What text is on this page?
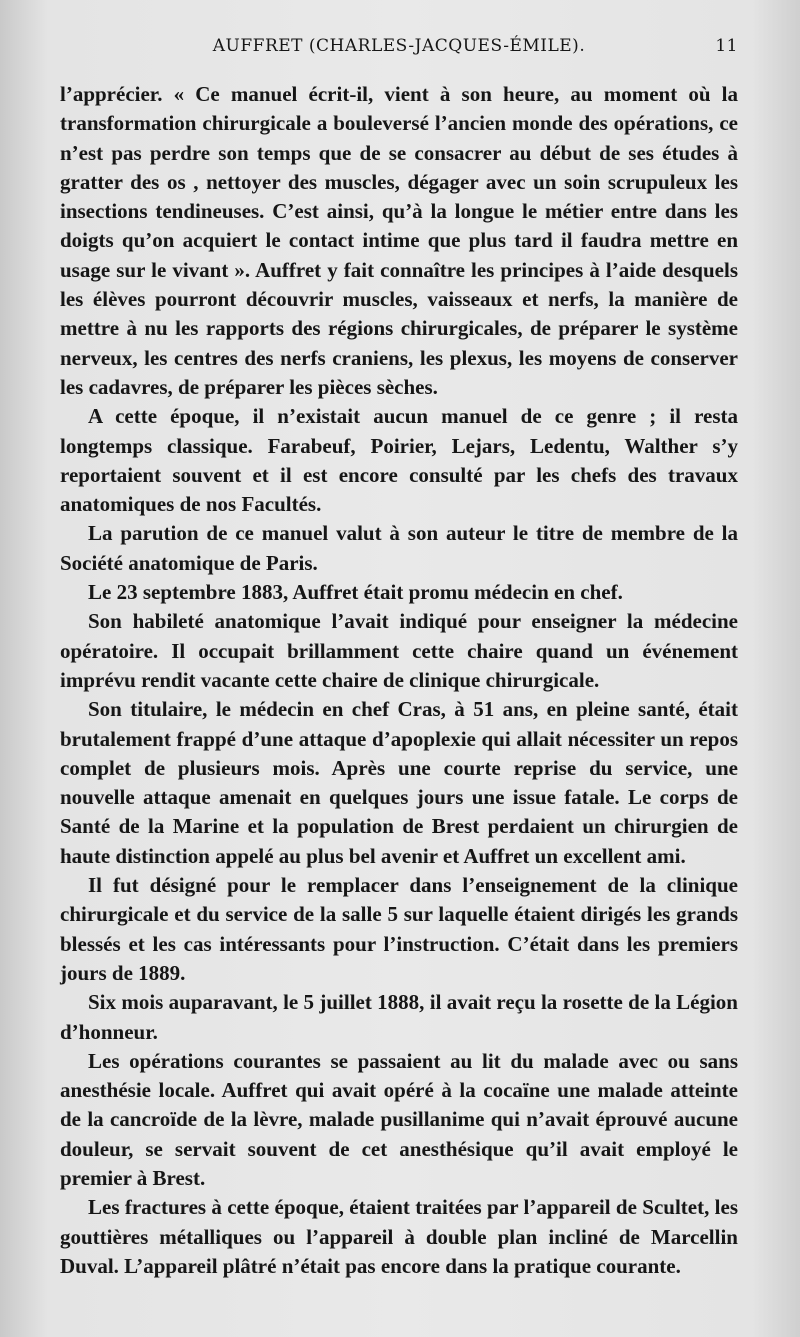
AUFFRET (CHARLES-JACQUES-ÉMILE).	11

l’apprécier. « Ce manuel écrit-il, vient à son heure, au moment où la transformation chirurgicale a bouleversé l’ancien monde des opérations, ce n’est pas perdre son temps que de se consacrer au début de ses études à gratter des os , nettoyer des muscles, dégager avec un soin scrupuleux les insections tendineuses. C’est ainsi, qu’à la longue le métier entre dans les doigts qu’on acquiert le contact intime que plus tard il faudra mettre en usage sur le vivant ». Auffret y fait connaître les principes à l’aide desquels les élèves pourront découvrir muscles, vaisseaux et nerfs, la manière de mettre à nu les rapports des régions chirurgicales, de préparer le système nerveux, les centres des nerfs craniens, les plexus, les moyens de conserver les cadavres, de préparer les pièces sèches.

A cette époque, il n’existait aucun manuel de ce genre ; il resta longtemps classique. Farabeuf, Poirier, Lejars, Ledentu, Walther s’y reportaient souvent et il est encore consulté par les chefs des travaux anatomiques de nos Facultés.

La parution de ce manuel valut à son auteur le titre de membre de la Société anatomique de Paris.

Le 23 septembre 1883, Auffret était promu médecin en chef.

Son habileté anatomique l’avait indiqué pour enseigner la médecine opératoire. Il occupait brillamment cette chaire quand un événement imprévu rendit vacante cette chaire de clinique chirurgicale.

Son titulaire, le médecin en chef Cras, à 51 ans, en pleine santé, était brutalement frappé d’une attaque d’apoplexie qui allait nécessiter un repos complet de plusieurs mois. Après une courte reprise du service, une nouvelle attaque amenait en quelques jours une issue fatale. Le corps de Santé de la Marine et la population de Brest perdaient un chirurgien de haute distinction appelé au plus bel avenir et Auffret un excellent ami.

Il fut désigné pour le remplacer dans l’enseignement de la clinique chirurgicale et du service de la salle 5 sur laquelle étaient dirigés les grands blessés et les cas intéressants pour l’instruction. C’était dans les premiers jours de 1889.

Six mois auparavant, le 5 juillet 1888, il avait reçu la rosette de la Légion d’honneur.

Les opérations courantes se passaient au lit du malade avec ou sans anesthésie locale. Auffret qui avait opéré à la cocaïne une malade atteinte de la cancroïde de la lèvre, malade pusillanime qui n’avait éprouvé aucune douleur, se servait souvent de cet anesthésique qu’il avait employé le premier à Brest.

Les fractures à cette époque, étaient traitées par l’appareil de Scultet, les gouttières métalliques ou l’appareil à double plan incliné de Marcellin Duval. L’appareil plâtré n’était pas encore dans la pratique courante.
